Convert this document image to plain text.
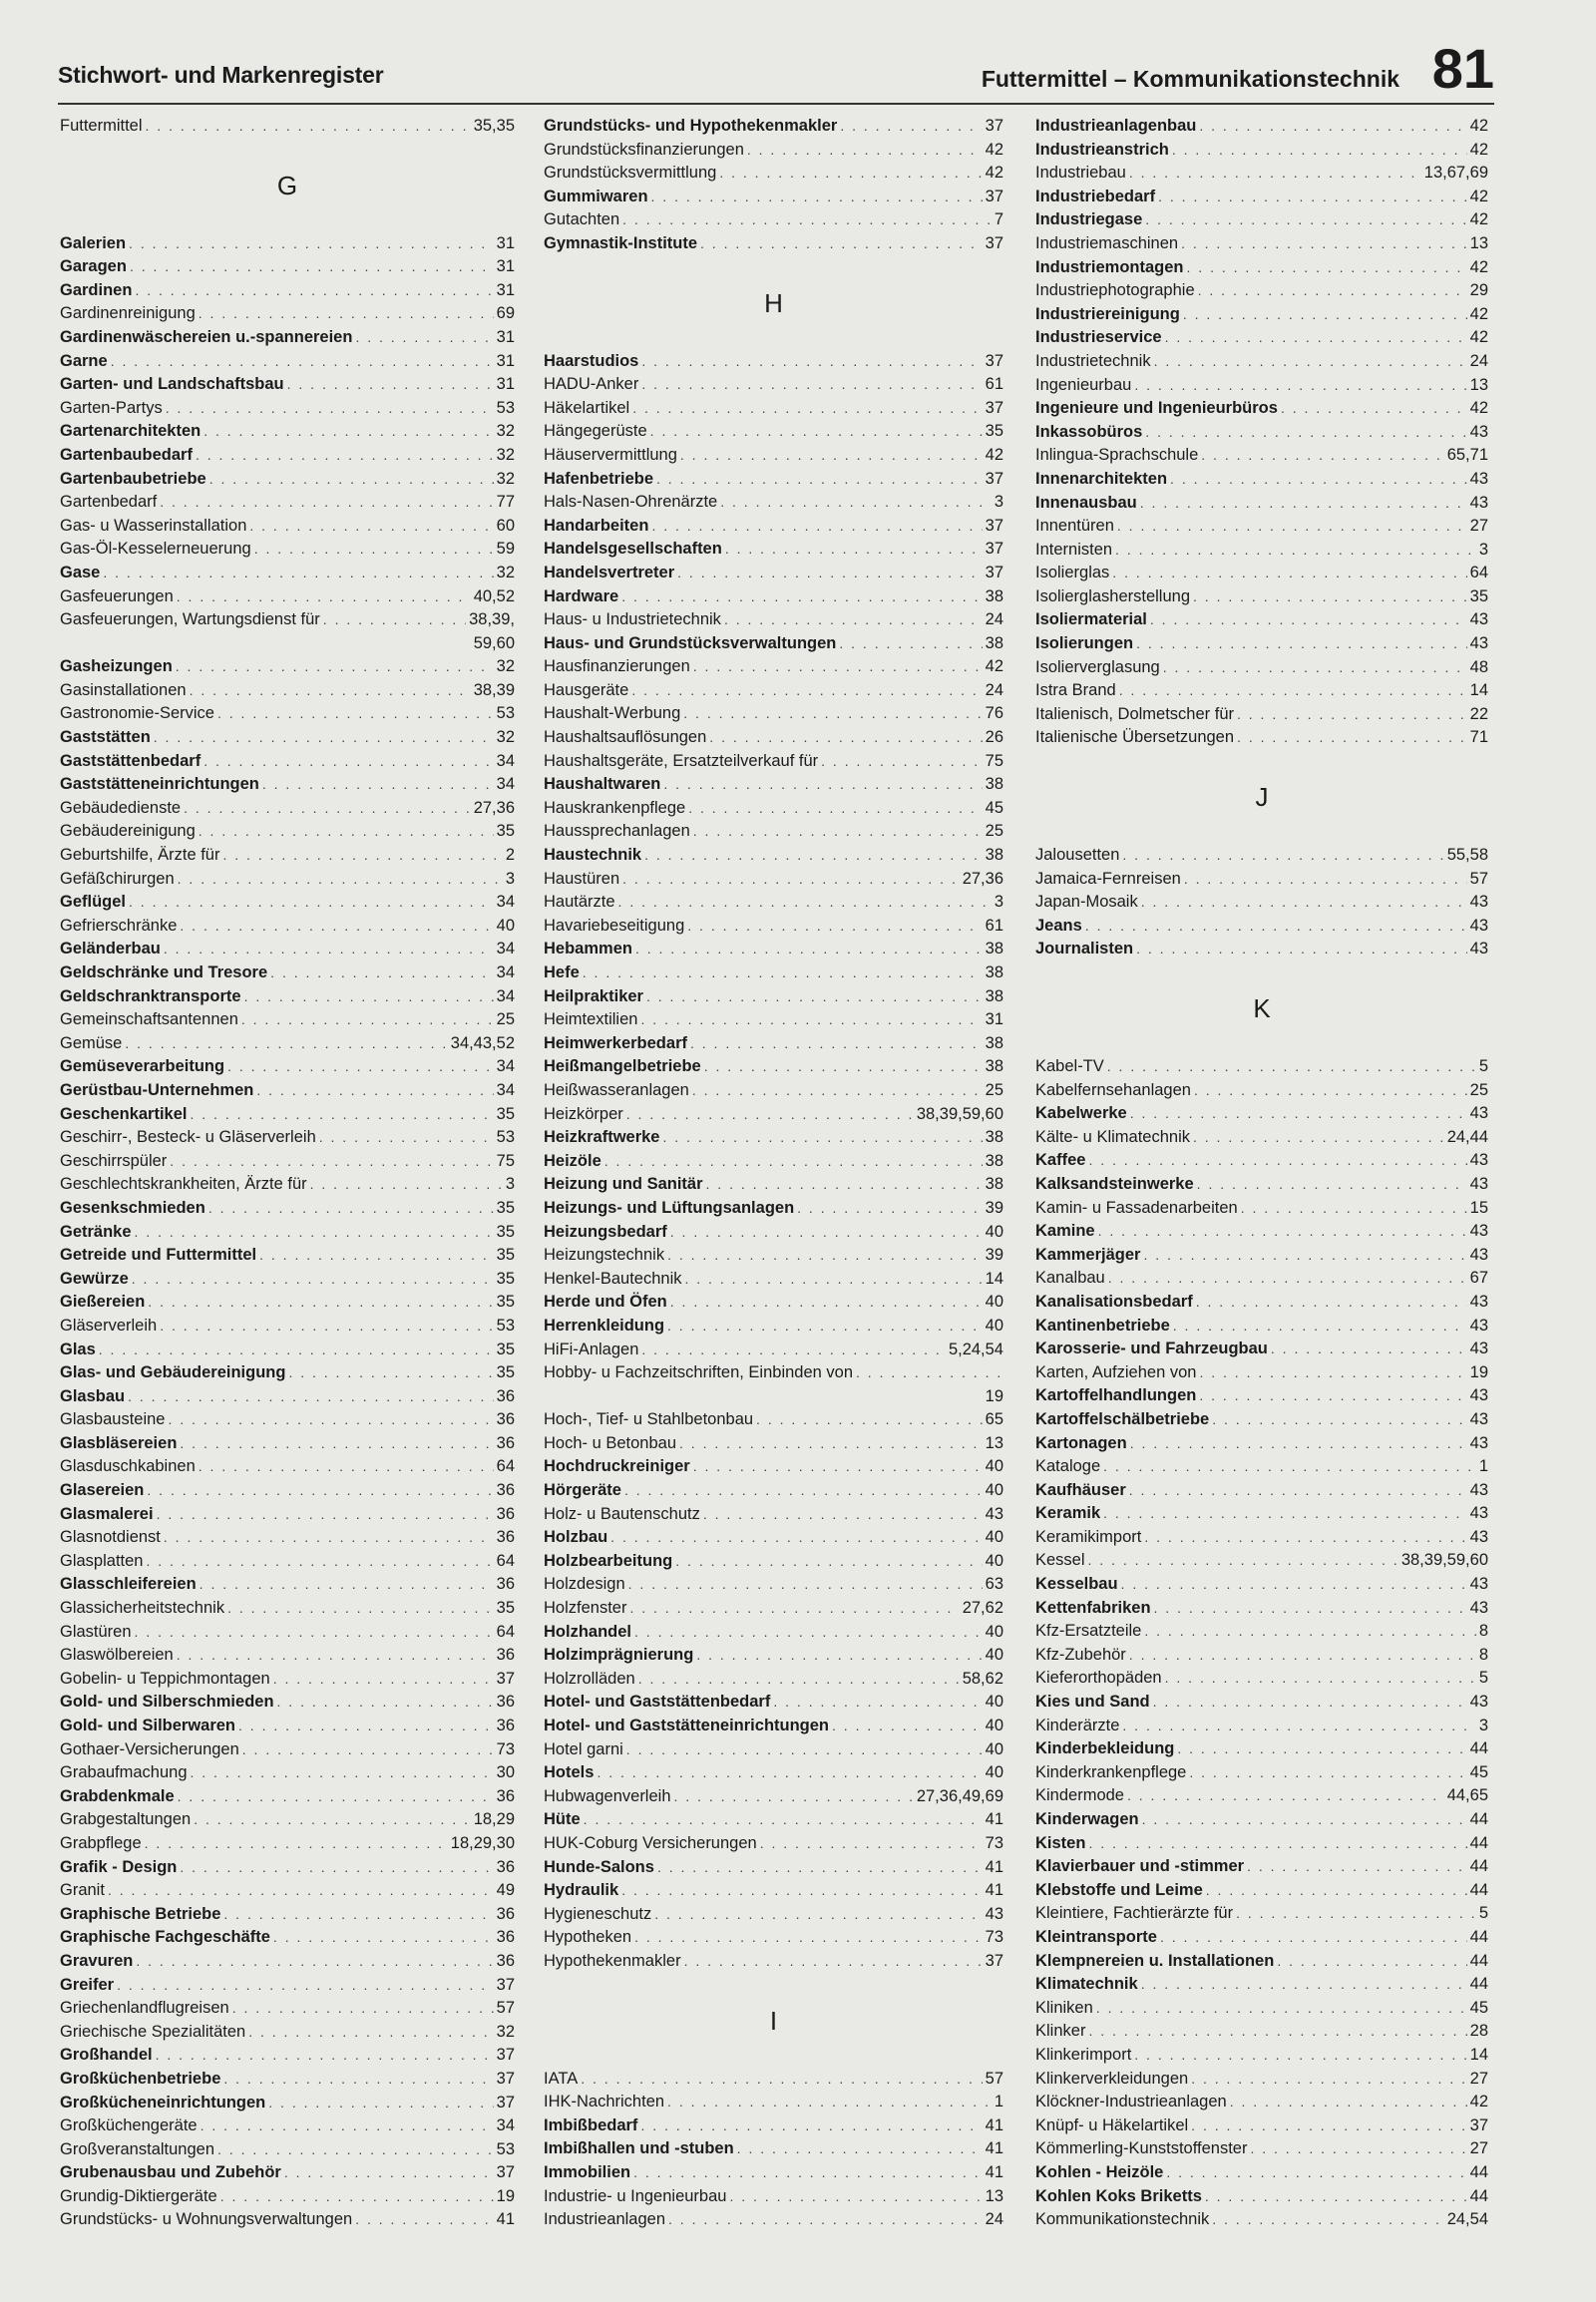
Stichwort- und Markenregister	Futtermittel – Kommunikationstechnik 81
Futtermittel . . .	35,35
G
Galerien . . .	31
Garagen . . .	31
Gardinen . . .	31
Gardinenreinigung . . .	69
Gardinenwäschereien u.-spannereien . . .	31
Garne . . .	31
Garten- und Landschaftsbau . . .	31
Garten-Partys . . .	53
Gartenarchitekten . . .	32
Gartenbaubedarf . . .	32
Gartenbaubetriebe . . .	32
Gartenbedarf . . .	77
Gas- u Wasserinstallation . . .	60
Gas-Öl-Kesselerneuerung . . .	59
Gase . . .	32
Gasfeuerungen . . .	40,52
Gasfeuerungen, Wartungsdienst für . . .	38,39,
59,60
Gasheizungen . . .	32
Gasinstallationen . . .	38,39
Gastronomie-Service . . .	53
Gaststätten . . .	32
Gaststättenbedarf . . .	34
Gaststätteneinrichtungen . . .	34
Gebäudedienste . . .	27,36
Gebäudereinigung . . .	35
Geburtshilfe, Ärzte für . . .	2
Gefäßchirurgen . . .	3
Geflügel . . .	34
Gefrierschränke . . .	40
Geländerbau . . .	34
Geldschränke und Tresore . . .	34
Geldschranktransporte . . .	34
Gemeinschaftsantennen . . .	25
Gemüse . . .	34,43,52
Gemüseverarbeitung . . .	34
Gerüstbau-Unternehmen . . .	34
Geschenkartikel . . .	35
Geschirr-, Besteck- u Gläserverleih . . .	53
Geschirrspüler . . .	75
Geschlechtskrankheiten, Ärzte für . . .	3
Gesenkschmieden . . .	35
Getränke . . .	35
Getreide und Futtermittel . . .	35
Gewürze . . .	35
Gießereien . . .	35
Gläserverleih . . .	53
Glas . . .	35
Glas- und Gebäudereinigung . . .	35
Glasbau . . .	36
Glasbausteine . . .	36
Glasbläsereien . . .	36
Glasduschkabinen . . .	64
Glasereien . . .	36
Glasmalerei . . .	36
Glasnotdienst . . .	36
Glasplatten . . .	64
Glasschleifereien . . .	36
Glassicherheitstechnik . . .	35
Glastüren . . .	64
Glaswölbereien . . .	36
Gobelin- u Teppichmontagen . . .	37
Gold- und Silberschmieden . . .	36
Gold- und Silberwaren . . .	36
Gothaer-Versicherungen . . .	73
Grabaufmachung . . .	30
Grabdenkmale . . .	36
Grabgestaltungen . . .	18,29
Grabpflege . . .	18,29,30
Grafik - Design . . .	36
Granit . . .	49
Graphische Betriebe . . .	36
Graphische Fachgeschäfte . . .	36
Gravuren . . .	36
Greifer . . .	37
Griechenlandflugreisen . . .	57
Griechische Spezialitäten . . .	32
Großhandel . . .	37
Großküchenbetriebe . . .	37
Großkücheneinrichtungen . . .	37
Großküchengeräte . . .	34
Großveranstaltungen . . .	53
Grubenausbau und Zubehör . . .	37
Grundig-Diktiergeräte . . .	19
Grundstücks- u Wohnungsverwaltungen . . .	41
Grundstücks- und Hypothekenmakler . . .	37
Grundstücksfinanzierungen . . .	42
Grundstücksvermittlung . . .	42
Gummiwaren . . .	37
Gutachten . . .	7
Gymnastik-Institute . . .	37
H
Haarstudios . . .	37
HADU-Anker . . .	61
Häkelartikel . . .	37
Hängegerüste . . .	35
Häuservermittlung . . .	42
Hafenbetriebe . . .	37
Hals-Nasen-Ohrenärzte . . .	3
Handarbeiten . . .	37
Handelsgesellschaften . . .	37
Handelsvertreter . . .	37
Hardware . . .	38
Haus- u Industrietechnik . . .	24
Haus- und Grundstücksverwaltungen . . .	38
Hausfinanzierungen . . .	42
Hausgeräte . . .	24
Haushalt-Werbung . . .	76
Haushaltsauflösungen . . .	26
Haushaltsgeräte, Ersatzteilverkauf für . . .	75
Haushaltwaren . . .	38
Hauskrankenpflege . . .	45
Haussprechanlagen . . .	25
Haustechnik . . .	38
Haustüren . . .	27,36
Hautärzte . . .	3
Havariebeseitigung . . .	61
Hebammen . . .	38
Hefe . . .	38
Heilpraktiker . . .	38
Heimtextilien . . .	31
Heimwerkerbedarf . . .	38
Heißmangelbetriebe . . .	38
Heißwasseranlagen . . .	25
Heizkörper . . .	38,39,59,60
Heizkraftwerke . . .	38
Heizöle . . .	38
Heizung und Sanitär . . .	38
Heizungs- und Lüftungsanlagen . . .	39
Heizungsbedarf . . .	40
Heizungstechnik . . .	39
Henkel-Bautechnik . . .	14
Herde und Öfen . . .	40
Herrenkleidung . . .	40
HiFi-Anlagen . . .	5,24,54
Hobby- u Fachzeitschriften, Einbinden von
. . .
19
Hoch-, Tief- u Stahlbetonbau . . .	65
Hoch- u Betonbau . . .	13
Hochdruckreiniger . . .	40
Hörgeräte . . .	40
Holz- u Bautenschutz . . .	43
Holzbau . . .	40
Holzbearbeitung . . .	40
Holzdesign . . .	63
Holzfenster . . .	27,62
Holzhandel . . .	40
Holzimprägnierung . . .	40
Holzrolläden . . .	58,62
Hotel- und Gaststättenbedarf . . .	40
Hotel- und Gaststätteneinrichtungen . . .	40
Hotel garni . . .	40
Hotels . . .	40
Hubwagenverleih . . .	27,36,49,69
Hüte . . .	41
HUK-Coburg Versicherungen . . .	73
Hunde-Salons . . .	41
Hydraulik . . .	41
Hygieneschutz . . .	43
Hypotheken . . .	73
Hypothekenmakler . . .	37
I
IATA . . .	57
IHK-Nachrichten . . .	1
Imbißbedarf . . .	41
Imbißhallen und -stuben . . .	41
Immobilien . . .	41
Industrie- u Ingenieurbau . . .	13
Industrieanlagen . . .	24
Industrieanlagenbau . . .	42
Industrieanstrich . . .	42
Industriebau . . .	13,67,69
Industriebedarf . . .	42
Industriegase . . .	42
Industriemaschinen . . .	13
Industriemontagen . . .	42
Industriephotographie . . .	29
Industriereinigung . . .	42
Industrieservice . . .	42
Industrietechnik . . .	24
Ingenieurbau . . .	13
Ingenieure und Ingenieurbüros . . .	42
Inkassobüros . . .	43
Inlingua-Sprachschule . . .	65,71
Innenarchitekten . . .	43
Innenausbau . . .	43
Innentüren . . .	27
Internisten . . .	3
Isolierglas . . .	64
Isolierglasherstellung . . .	35
Isoliermaterial . . .	43
Isolierungen . . .	43
Isolierverglasung . . .	48
Istra Brand . . .	14
Italienisch, Dolmetscher für . . .	22
Italienische Übersetzungen . . .	71
J
Jalousetten . . .	55,58
Jamaica-Fernreisen . . .	57
Japan-Mosaik . . .	43
Jeans . . .	43
Journalisten . . .	43
K
Kabel-TV . . .	5
Kabelfernsehanlagen . . .	25
Kabelwerke . . .	43
Kälte- u Klimatechnik . . .	24,44
Kaffee . . .	43
Kalksandsteinwerke . . .	43
Kamin- u Fassadenarbeiten . . .	15
Kamine . . .	43
Kammerjäger . . .	43
Kanalbau . . .	67
Kanalisationsbedarf . . .	43
Kantinenbetriebe . . .	43
Karosserie- und Fahrzeugbau . . .	43
Karten, Aufziehen von . . .	19
Kartoffelhandlungen . . .	43
Kartoffelschälbetriebe . . .	43
Kartonagen . . .	43
Kataloge . . .	1
Kaufhäuser . . .	43
Keramik . . .	43
Keramikimport . . .	43
Kessel . . .	38,39,59,60
Kesselbau . . .	43
Kettenfabriken . . .	43
Kfz-Ersatzteile . . .	8
Kfz-Zubehör . . .	8
Kieferorthopäden . . .	5
Kies und Sand . . .	43
Kinderärzte . . .	3
Kinderbekleidung . . .	44
Kinderkrankenpflege . . .	45
Kindermode . . .	44,65
Kinderwagen . . .	44
Kisten . . .	44
Klavierbauer und -stimmer . . .	44
Klebstoffe und Leime . . .	44
Kleintiere, Fachtierärzte für . . .	5
Kleintransporte . . .	44
Klempnereien u. Installationen . . .	44
Klimatechnik . . .	44
Kliniken . . .	45
Klinker . . .	28
Klinkerimport . . .	14
Klinkerverkleidungen . . .	27
Klöckner-Industrieanlagen . . .	42
Knüpf- u Häkelartikel . . .	37
Kömmerling-Kunststoffenster . . .	27
Kohlen - Heizöle . . .	44
Kohlen Koks Briketts . . .	44
Kommunikationstechnik . . .	24,54
